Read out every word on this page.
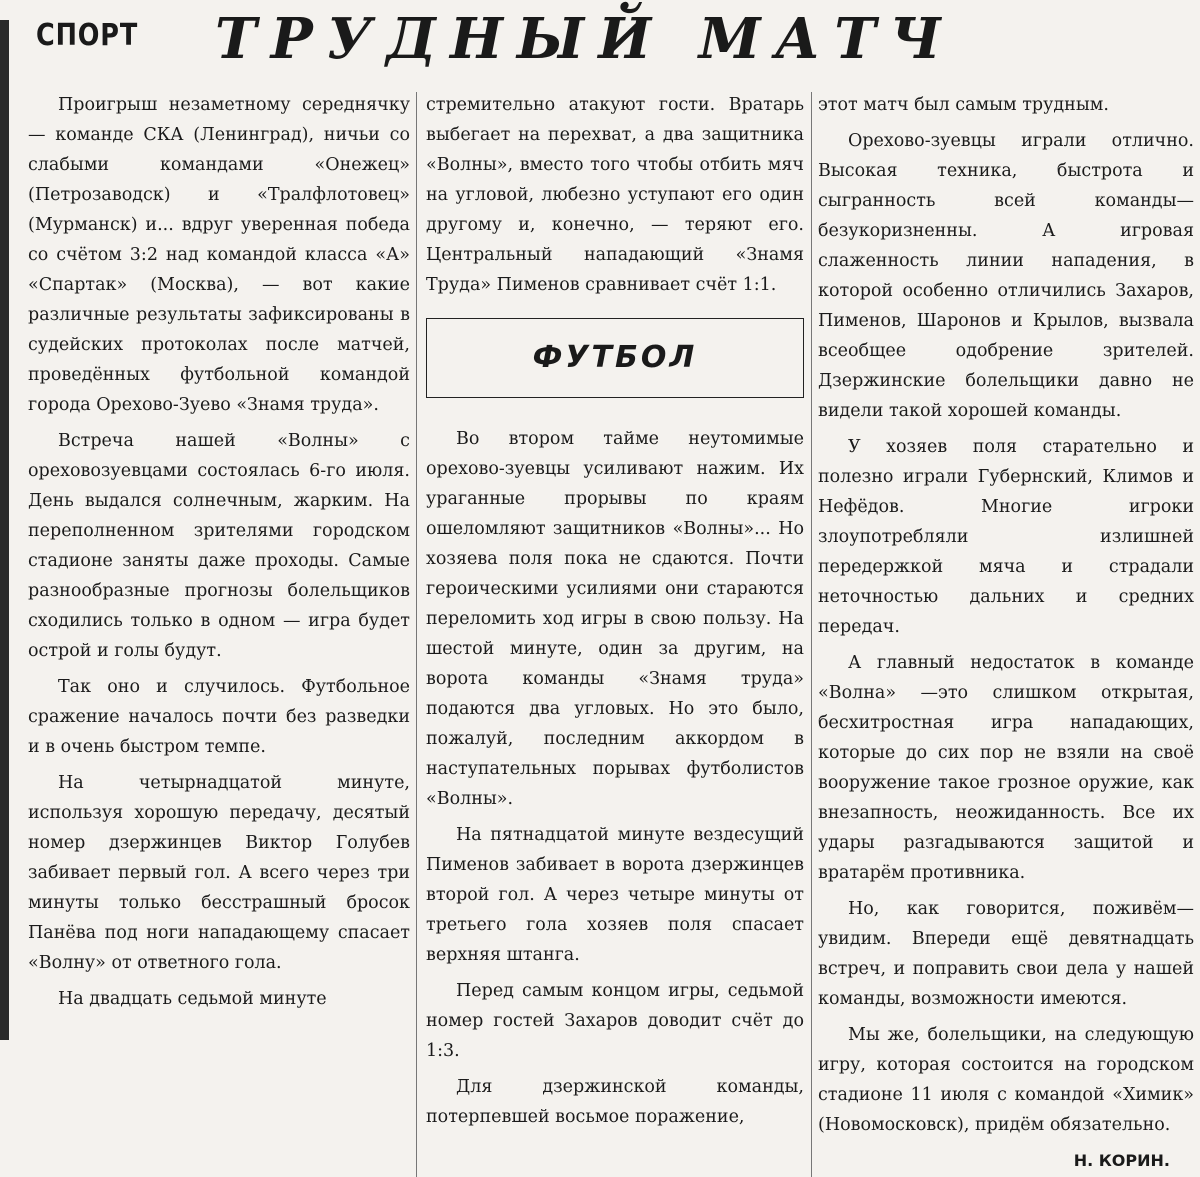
СПОРТ ТРУДНЫЙ МАТЧ

Проигрыш незаметному середнячку — команде СКА (Ленинград), ничьи со слабыми командами «Онежец» (Петрозаводск) и «Тралфлотовец» (Мурманск) и... вдруг уверенная победа со счётом 3:2 над командой класса «А» «Спартак» (Москва), — вот какие различные результаты зафиксированы в судейских протоколах после матчей, проведённых футбольной командой города Орехово-Зуево «Знамя труда».

Встреча нашей «Волны» с ореховозуевцами состоялась 6-го июля. День выдался солнечным, жарким. На переполненном зрителями городском стадионе заняты даже проходы. Самые разнообразные прогнозы болельщиков сходились только в одном — игра будет острой и голы будут.

Так оно и случилось. Футбольное сражение началось почти без разведки и в очень быстром темпе.

На четырнадцатой минуте, используя хорошую передачу, десятый номер дзержинцев Виктор Голубев забивает первый гол. А всего через три минуты только бесстрашный бросок Панёва под ноги нападающему спасает «Волну» от ответного гола.

На двадцать седьмой минуте

стремительно атакуют гости. Вратарь выбегает на перехват, а два защитника «Волны», вместо того чтобы отбить мяч на угловой, любезно уступают его один другому и, конечно, — теряют его. Центральный нападающий «Знамя Труда» Пименов сравнивает счёт 1:1.

ФУТБОЛ

Во втором тайме неутомимые орехово-зуевцы усиливают нажим. Их ураганные прорывы по краям ошеломляют защитников «Волны»... Но хозяева поля пока не сдаются. Почти героическими усилиями они стараются переломить ход игры в свою пользу. На шестой минуте, один за другим, на ворота команды «Знамя труда» подаются два угловых. Но это было, пожалуй, последним аккордом в наступательных порывах футболистов «Волны».

На пятнадцатой минуте вездесущий Пименов забивает в ворота дзержинцев второй гол. А через четыре минуты от третьего гола хозяев поля спасает верхняя штанга.

Перед самым концом игры, седьмой номер гостей Захаров доводит счёт до 1:3.

Для дзержинской команды, потерпевшей восьмое поражение,

этот матч был самым трудным.

Орехово-зуевцы играли отлично. Высокая техника, быстрота и сыгранность всей команды—безукоризненны. А игровая слаженность линии нападения, в которой особенно отличились Захаров, Пименов, Шаронов и Крылов, вызвала всеобщее одобрение зрителей. Дзержинские болельщики давно не видели такой хорошей команды.

У хозяев поля старательно и полезно играли Губернский, Климов и Нефёдов. Многие игроки злоупотребляли излишней передержкой мяча и страдали неточностью дальних и средних передач.

А главный недостаток в команде «Волна» —это слишком открытая, бесхитростная игра нападающих, которые до сих пор не взяли на своё вооружение такое грозное оружие, как внезапность, неожиданность. Все их удары разгадываются защитой и вратарём противника.

Но, как говорится, поживём—увидим. Впереди ещё девятнадцать встреч, и поправить свои дела у нашей команды, возможности имеются.

Мы же, болельщики, на следующую игру, которая состоится на городском стадионе 11 июля с командой «Химик» (Новомосковск), придём обязательно.

Н. КОРИН.
